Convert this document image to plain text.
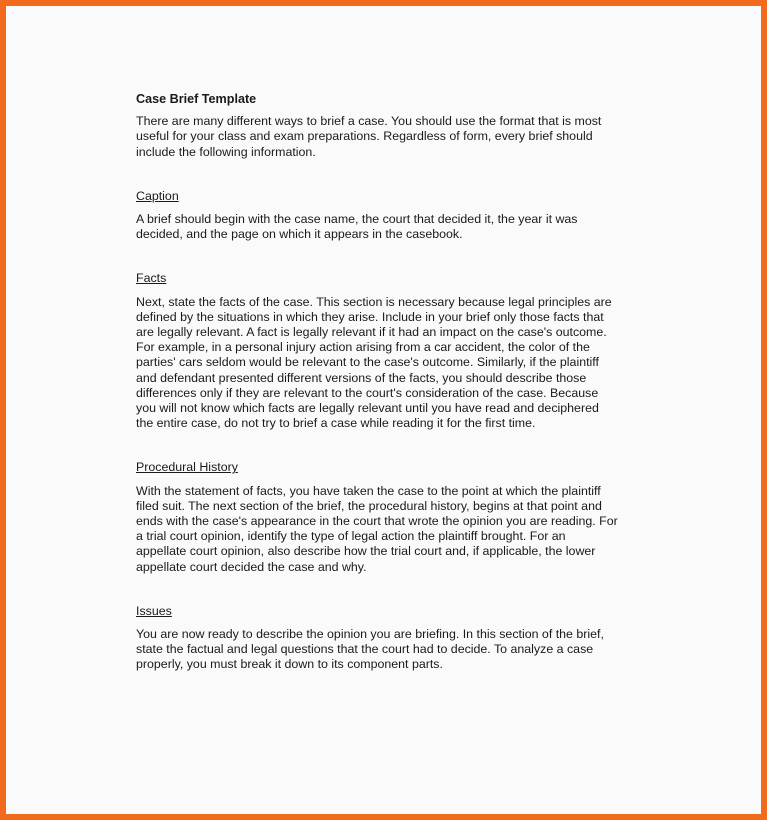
Case Brief Template

There are many different ways to brief a case. You should use the format that is most
useful for your class and exam preparations. Regardless of form, every brief should
include the following information.

Caption

A brief should begin with the case name, the court that decided it, the year it was
decided, and the page on which it appears in the casebook.

Facts

Next, state the facts of the case. This section is necessary because legal principles are
defined by the situations in which they arise. Include in your brief only those facts that
are legally relevant. A fact is legally relevant if it had an impact on the case's outcome.
For example, in a personal injury action arising from a car accident, the color of the
parties' cars seldom would be relevant to the case's outcome. Similarly, if the plaintiff
and defendant presented different versions of the facts, you should describe those
differences only if they are relevant to the court's consideration of the case. Because
you will not know which facts are legally relevant until you have read and deciphered
the entire case, do not try to brief a case while reading it for the first time.

Procedural History

With the statement of facts, you have taken the case to the point at which the plaintiff
filed suit. The next section of the brief, the procedural history, begins at that point and
ends with the case's appearance in the court that wrote the opinion you are reading. For
a trial court opinion, identify the type of legal action the plaintiff brought. For an
appellate court opinion, also describe how the trial court and, if applicable, the lower
appellate court decided the case and why.

Issues

You are now ready to describe the opinion you are briefing. In this section of the brief,
state the factual and legal questions that the court had to decide. To analyze a case
properly, you must break it down to its component parts.
